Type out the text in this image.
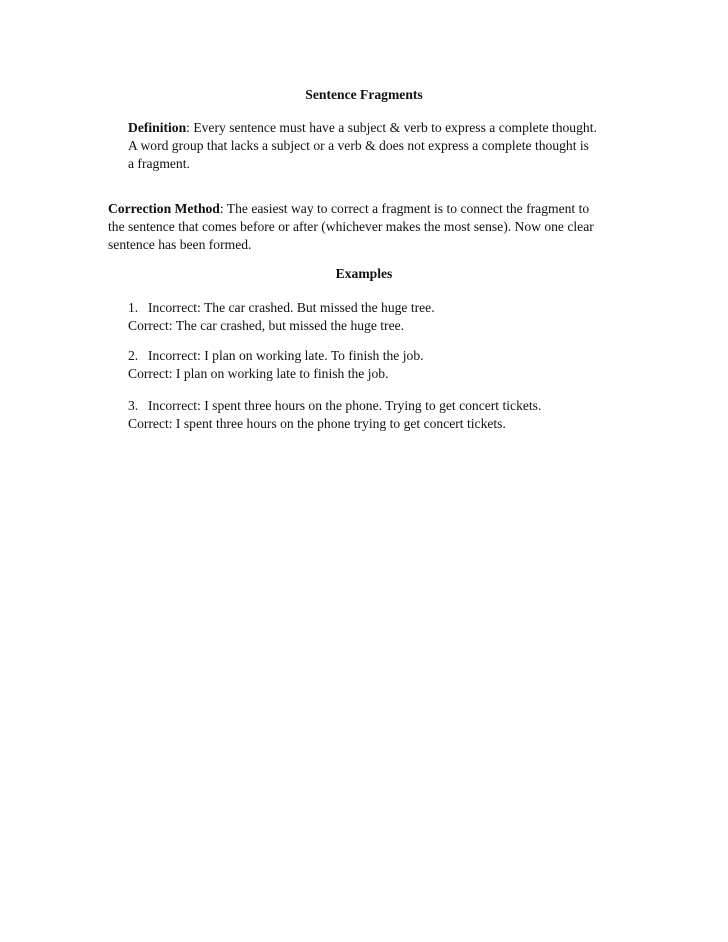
Sentence Fragments
Definition: Every sentence must have a subject & verb to express a complete thought.
A word group that lacks a subject or a verb & does not express a complete thought is
a fragment.
Correction Method: The easiest way to correct a fragment is to connect the fragment to
the sentence that comes before or after (whichever makes the most sense). Now one clear
sentence has been formed.
Examples
1. Incorrect: The car crashed. But missed the huge tree.
Correct: The car crashed, but missed the huge tree.
2. Incorrect: I plan on working late. To finish the job.
Correct: I plan on working late to finish the job.
3. Incorrect: I spent three hours on the phone. Trying to get concert tickets.
Correct: I spent three hours on the phone trying to get concert tickets.
